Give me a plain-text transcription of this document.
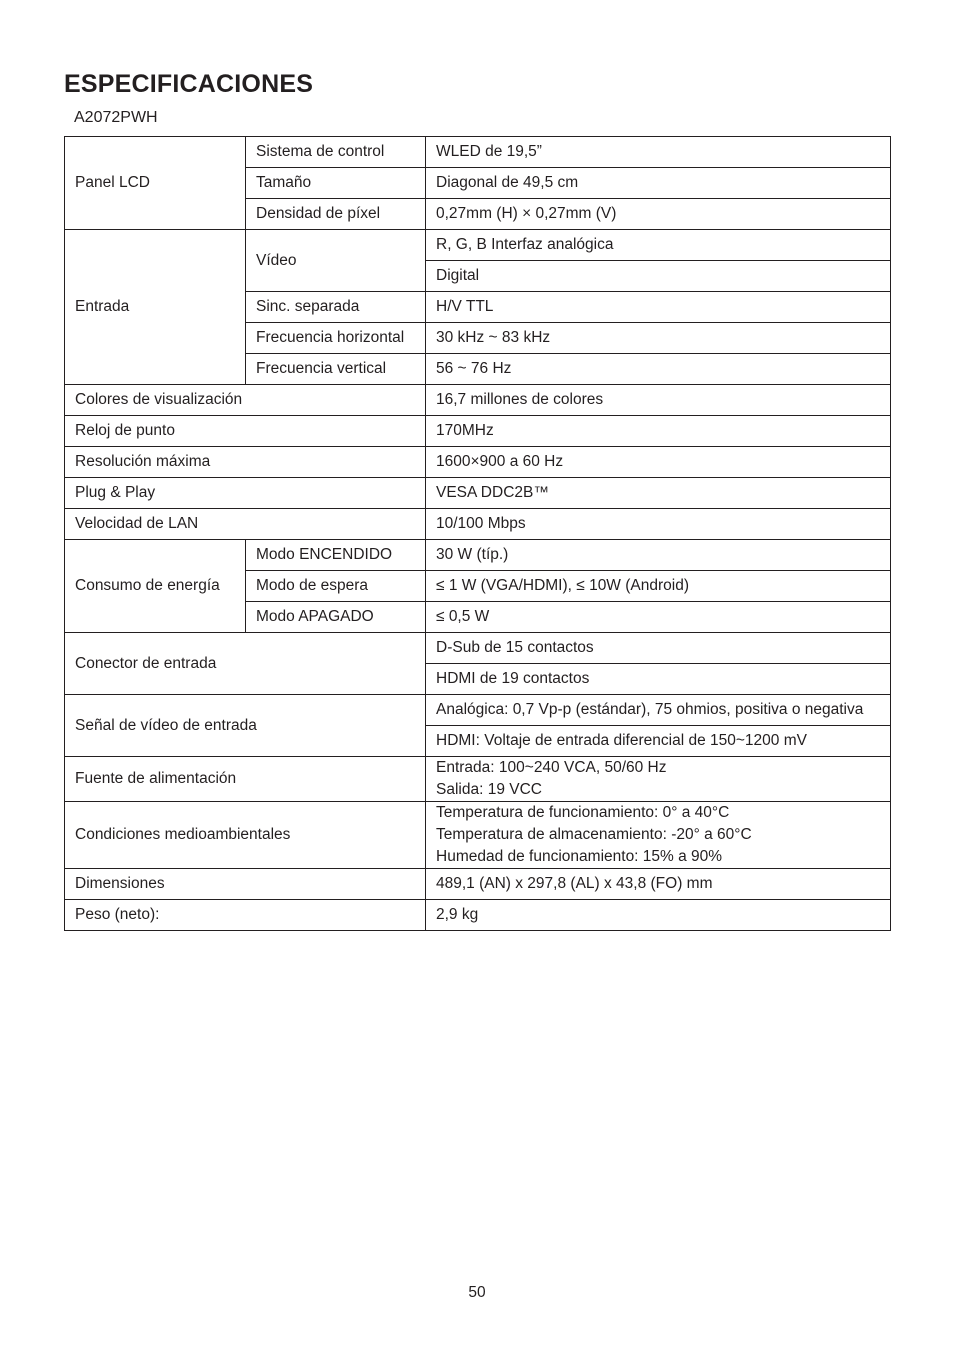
ESPECIFICACIONES
A2072PWH
Panel LCD	Sistema de control	WLED de 19,5”
	Tamaño	Diagonal de 49,5 cm
	Densidad de píxel	0,27mm (H) × 0,27mm (V)
Entrada	Vídeo	R, G, B Interfaz analógica
		Digital
	Sinc. separada	H/V TTL
	Frecuencia horizontal	30 kHz ~ 83 kHz
	Frecuencia vertical	56 ~ 76 Hz
Colores de visualización		16,7 millones de colores
Reloj de punto		170MHz
Resolución máxima		1600×900 a 60 Hz
Plug & Play		VESA DDC2B™
Velocidad de LAN		10/100 Mbps
Consumo de energía	Modo ENCENDIDO	30 W (típ.)
	Modo de espera	≤ 1 W (VGA/HDMI), ≤ 10W (Android)
	Modo APAGADO	≤ 0,5 W
Conector de entrada		D-Sub de 15 contactos
		HDMI de 19 contactos
Señal de vídeo de entrada		Analógica: 0,7 Vp-p (estándar), 75 ohmios, positiva o negativa
		HDMI: Voltaje de entrada diferencial de 150~1200 mV
Fuente de alimentación		Entrada: 100~240 VCA, 50/60 Hz
Salida: 19 VCC

Condiciones medioambientales		Temperatura de funcionamiento: 0° a 40°C
Temperatura de almacenamiento: -20° a 60°C
Humedad de funcionamiento: 15% a 90%

Dimensiones		489,1 (AN) x 297,8 (AL) x 43,8 (FO) mm
Peso (neto):		2,9 kg
50
